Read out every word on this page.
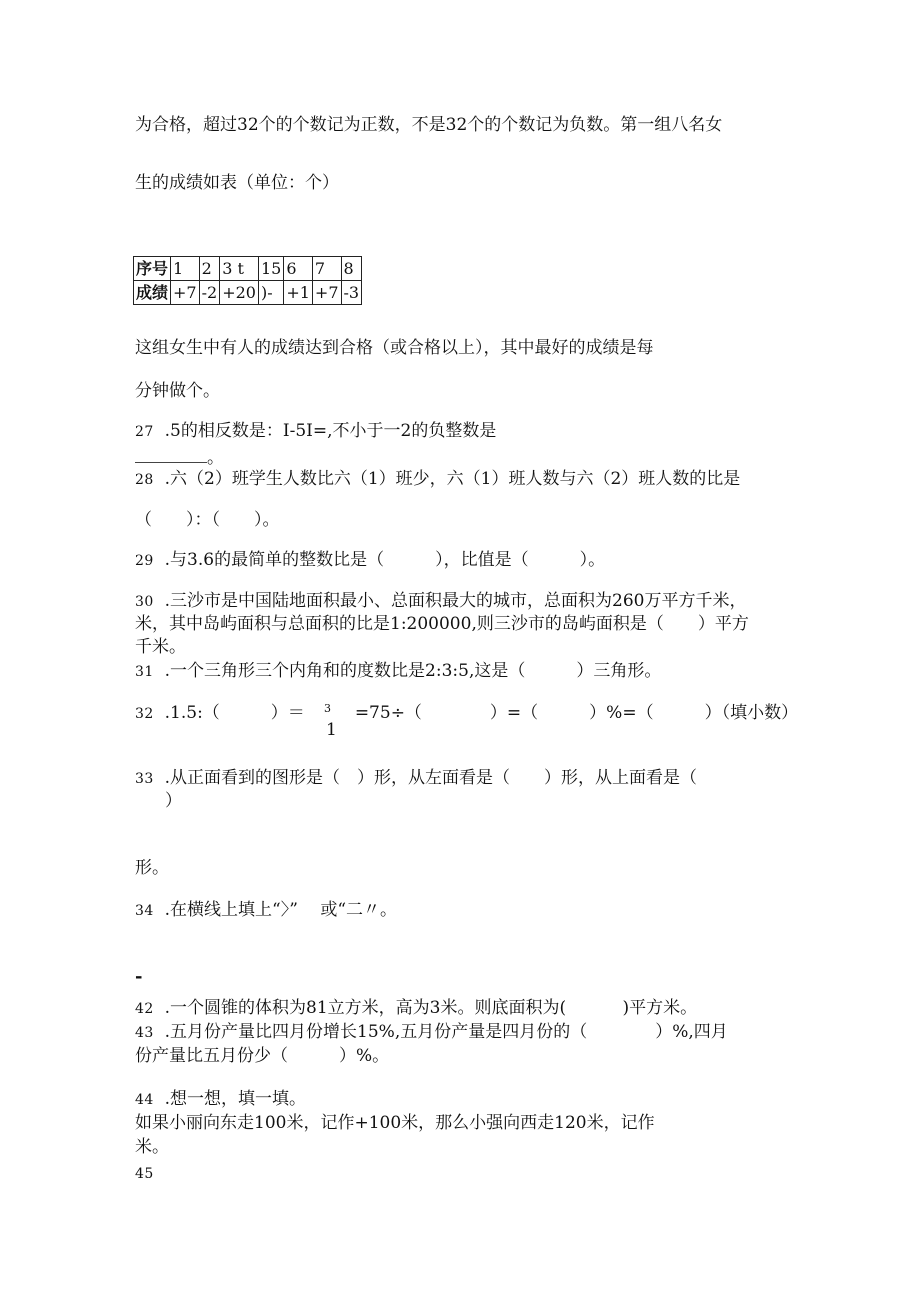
为合格，超过32个的个数记为正数，不是32个的个数记为负数。第一组八名女
生的成绩如表（单位：个）
序号	1	2	3 t	15	6	7	8
成绩	+7	-2	+20	)-	+1	+7	-3
这组女生中有人的成绩达到合格（或合格以上），其中最好的成绩是每
分钟做个。
27 .5的相反数是：I-5I=,不小于一2的负整数是
。
28 .六（2）班学生人数比六（1）班少，六（1）班人数与六（2）班人数的比是
（　　）：（　　）。
29 .与3.6的最简单的整数比是（　　　），比值是（　　　）。
30 .三沙市是中国陆地面积最小、总面积最大的城市，总面积为260万平方千米，
米，其中岛屿面积与总面积的比是1:200000,则三沙市的岛屿面积是（　　）平方
千米。
31 .一个三角形三个内角和的度数比是2:3:5,这是（　　　）三角形。
32 .1.5:（　　　）＝	=75÷（　　　　）=（　　　）%=（　　　）（填小数）
3
1
33 .从正面看到的图形是（　）形，从左面看是（　　）形，从上面看是（
）
形。
34 .在横线上填上“〉”　 或“二〃。
-
42 .一个圆锥的体积为81立方米，高为3米。则底面积为(　　　 )平方米。
43 .五月份产量比四月份增长15%,五月份产量是四月份的（　　　　）%,四月
份产量比五月份少（　　　）%。
44 .想一想，填一填。
如果小丽向东走100米，记作+100米，那么小强向西走120米，记作
米。
45
